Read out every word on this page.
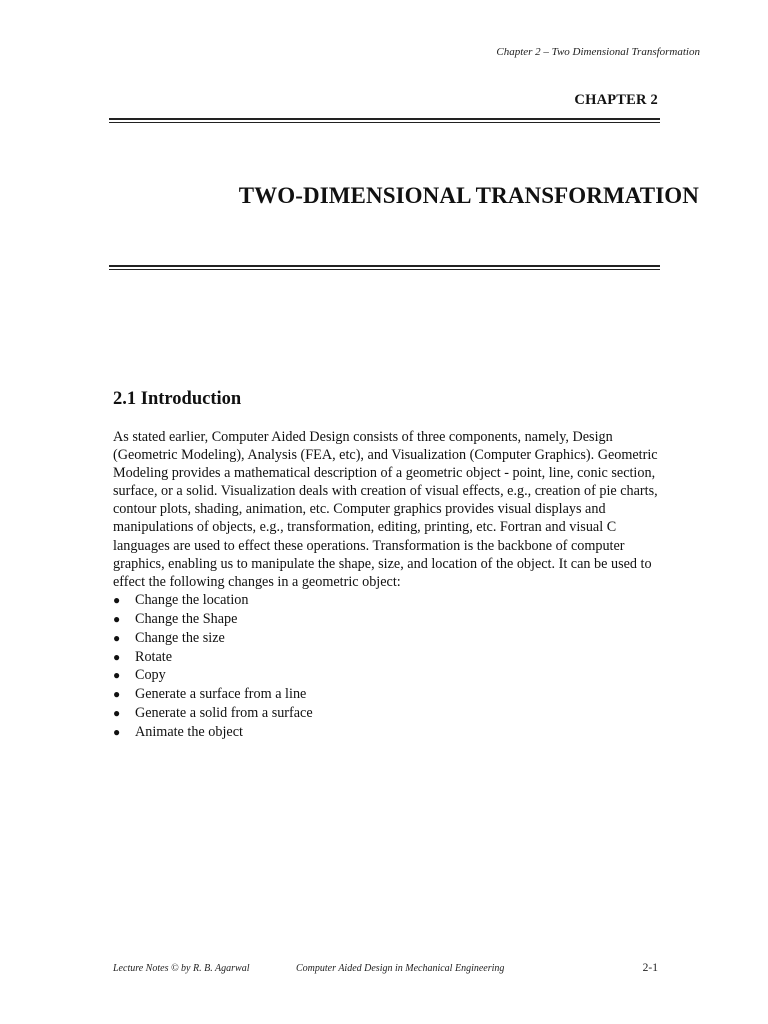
Chapter 2 – Two Dimensional Transformation
CHAPTER 2
TWO-DIMENSIONAL TRANSFORMATION
2.1 Introduction

As stated earlier, Computer Aided Design consists of three components, namely, Design (Geometric Modeling), Analysis (FEA, etc), and Visualization (Computer Graphics). Geometric Modeling provides a mathematical description of a geometric object - point, line, conic section, surface, or a solid. Visualization deals with creation of visual effects, e.g., creation of pie charts, contour plots, shading, animation, etc. Computer graphics provides visual displays and manipulations of objects, e.g., transformation, editing, printing, etc. Fortran and visual C languages are used to effect these operations. Transformation is the backbone of computer graphics, enabling us to manipulate the shape, size, and location of the object. It can be used to effect the following changes in a geometric object:

● Change the location
● Change the Shape
● Change the size
● Rotate
● Copy
● Generate a surface from a line
● Generate a solid from a surface
● Animate the object
Lecture Notes © by R. B. Agarwal	Computer Aided Design in Mechanical Engineering	2-1
